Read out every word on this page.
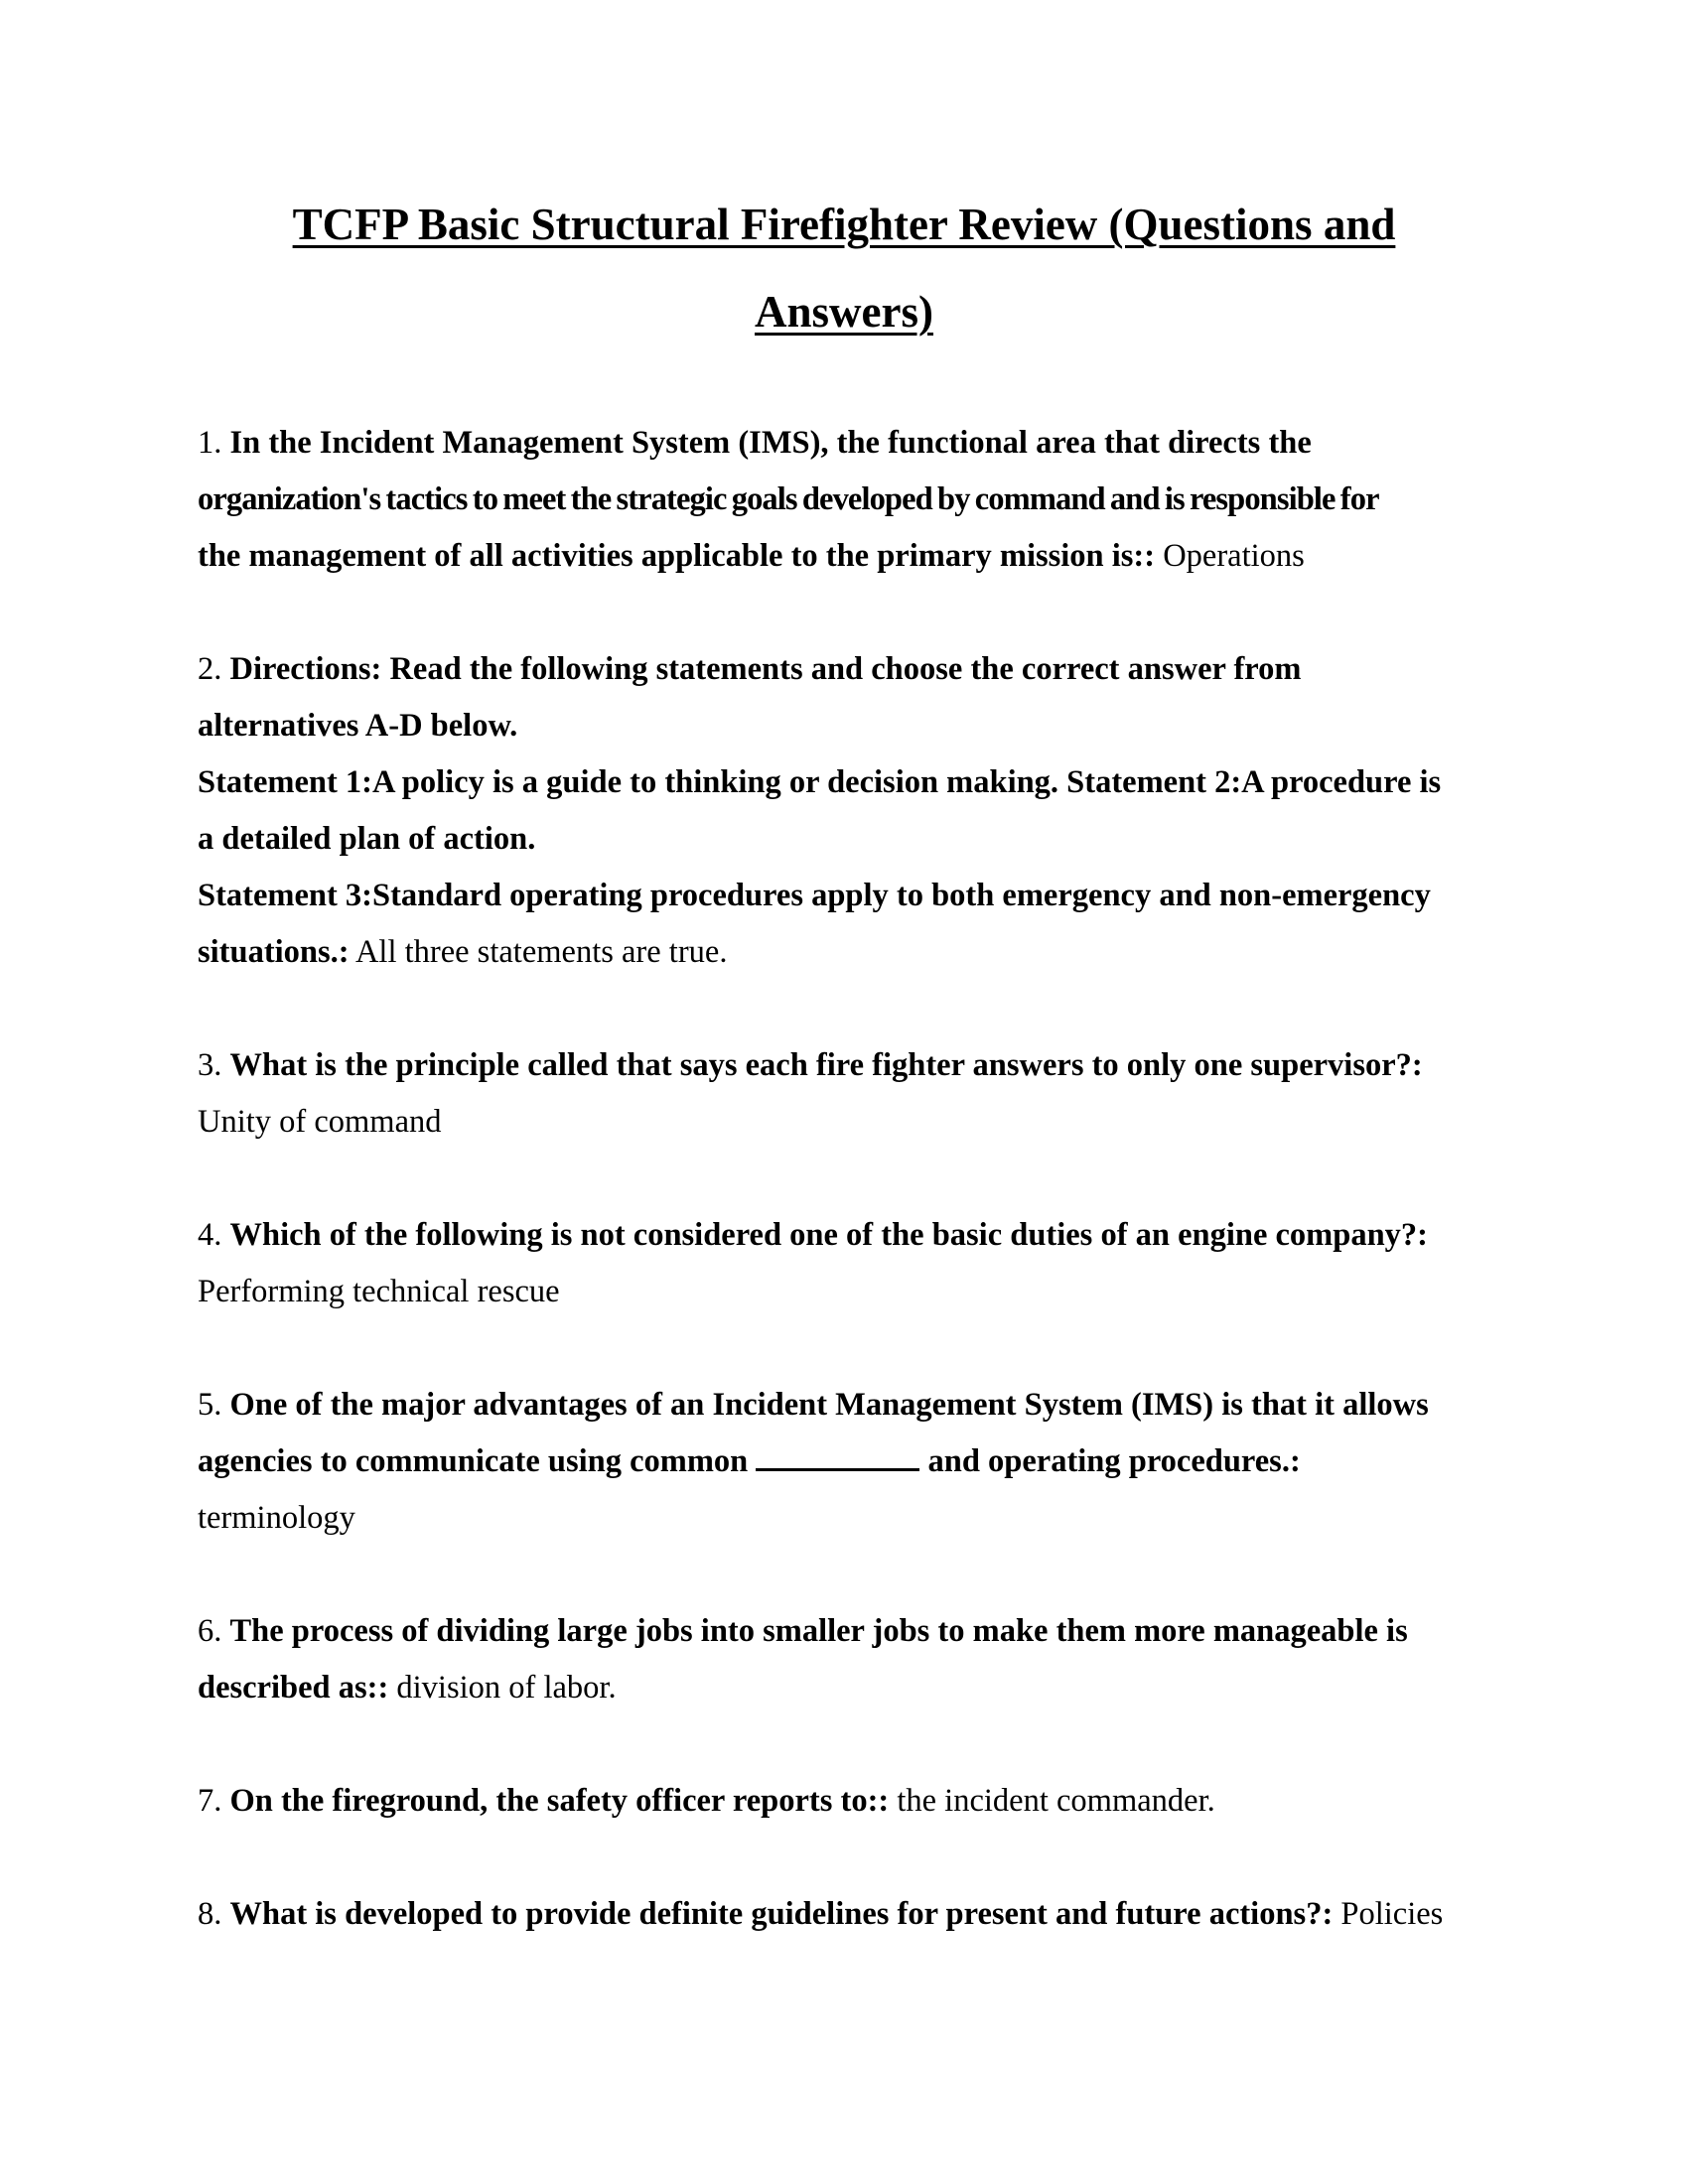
TCFP Basic Structural Firefighter Review (Questions and
Answers)
1. In the Incident Management System (IMS), the functional area that directs the
organization's tactics to meet the strategic goals developed by command and is responsible for
the management of all activities applicable to the primary mission is:: Operations
2. Directions: Read the following statements and choose the correct answer from
alternatives A-D below.
Statement 1:A policy is a guide to thinking or decision making. Statement 2:A procedure is
a detailed plan of action.
Statement 3:Standard operating procedures apply to both emergency and non-emergency
situations.: All three statements are true.
3. What is the principle called that says each fire fighter answers to only one supervisor?:
Unity of command
4. Which of the following is not considered one of the basic duties of an engine company?:
Performing technical rescue
5. One of the major advantages of an Incident Management System (IMS) is that it allows
agencies to communicate using common	and operating procedures.:
terminology
6. The process of dividing large jobs into smaller jobs to make them more manageable is
described as:: division of labor.
7. On the fireground, the safety officer reports to:: the incident commander.
8. What is developed to provide definite guidelines for present and future actions?: Policies
